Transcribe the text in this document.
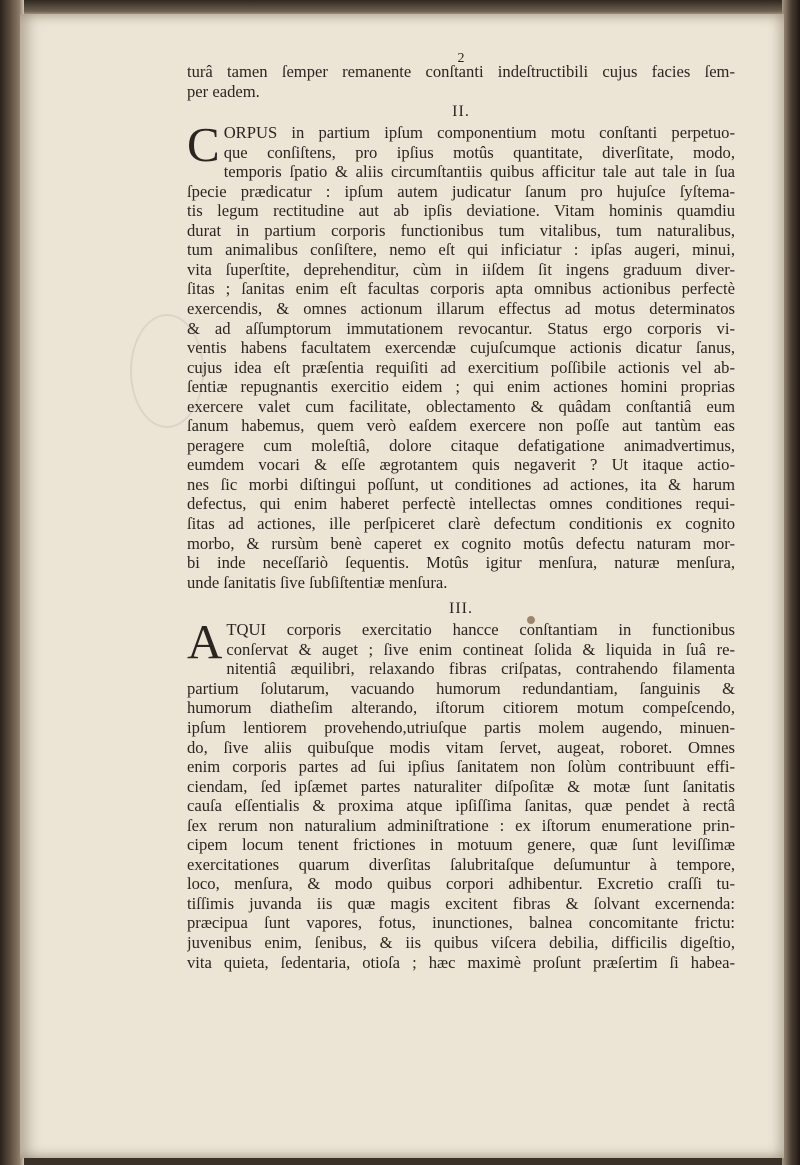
2
turâ tamen ſemper remanente conſtanti indeſtructibili cujus facies ſem-
per eadem.
II.
C ORPUS in partium ipſum componentium motu conſtanti perpetuo-
que conſiſtens, pro ipſius motûs quantitate, diverſitate, modo,
temporis ſpatio & aliis circumſtantiis quibus afficitur tale aut tale in ſua
ſpecie prædicatur : ipſum autem judicatur ſanum pro hujuſce ſyſtema-
tis legum rectitudine aut ab ipſis deviatione. Vitam hominis quamdiu
durat in partium corporis functionibus tum vitalibus, tum naturalibus,
tum animalibus conſiſtere, nemo eſt qui inficiatur : ipſas augeri, minui,
vita ſuperſtite, deprehenditur, cùm in iiſdem ſit ingens graduum diver-
ſitas ; ſanitas enim eſt facultas corporis apta omnibus actionibus perfectè
exercendis, & omnes actionum illarum effectus ad motus determinatos
& ad aſſumptorum immutationem revocantur. Status ergo corporis vi-
ventis habens facultatem exercendæ cujuſcumque actionis dicatur ſanus,
cujus idea eſt præſentia requiſiti ad exercitium poſſibile actionis vel ab-
ſentiæ repugnantis exercitio eidem ; qui enim actiones homini proprias
exercere valet cum facilitate, oblectamento & quâdam conſtantiâ eum
ſanum habemus, quem verò eaſdem exercere non poſſe aut tantùm eas
peragere cum moleſtiâ, dolore citaque defatigatione animadvertimus,
eumdem vocari & eſſe ægrotantem quis negaverit ? Ut itaque actio-
nes ſic morbi diſtingui poſſunt, ut conditiones ad actiones, ita & harum
defectus, qui enim haberet perfectè intellectas omnes conditiones requi-
ſitas ad actiones, ille perſpiceret clarè defectum conditionis ex cognito
morbo, & rursùm benè caperet ex cognito motûs defectu naturam mor-
bi inde neceſſariò ſequentis. Motûs igitur menſura, naturæ menſura,
unde ſanitatis ſive ſubſiſtentiæ menſura.
III.
A TQUI corporis exercitatio hancce conſtantiam in functionibus
conſervat & auget ; ſive enim contineat ſolida & liquida in ſuâ re-
nitentiâ æquilibri, relaxando fibras criſpatas, contrahendo filamenta
partium ſolutarum, vacuando humorum redundantiam, ſanguinis &
humorum diatheſim alterando, iſtorum citiorem motum compeſcendo,
ipſum lentiorem provehendo,utriuſque partis molem augendo, minuen-
do, ſive aliis quibuſque modis vitam ſervet, augeat, roboret. Omnes
enim corporis partes ad ſui ipſius ſanitatem non ſolùm contribuunt effi-
ciendam, ſed ipſæmet partes naturaliter diſpoſitæ & motæ ſunt ſanitatis
cauſa eſſentialis & proxima atque ipſiſſima ſanitas, quæ pendet à rectâ
ſex rerum non naturalium adminiſtratione : ex iſtorum enumeratione prin-
cipem locum tenent frictiones in motuum genere, quæ ſunt leviſſimæ
exercitationes quarum diverſitas ſalubritaſque deſumuntur à tempore,
loco, menſura, & modo quibus corpori adhibentur. Excretio craſſi tu-
tiſſimis juvanda iis quæ magis excitent fibras & ſolvant excernenda:
præcipua ſunt vapores, fotus, inunctiones, balnea concomitante frictu:
juvenibus enim, ſenibus, & iis quibus viſcera debilia, difficilis digeſtio,
vita quieta, ſedentaria, otioſa ; hæc maximè proſunt præſertim ſi habea-
